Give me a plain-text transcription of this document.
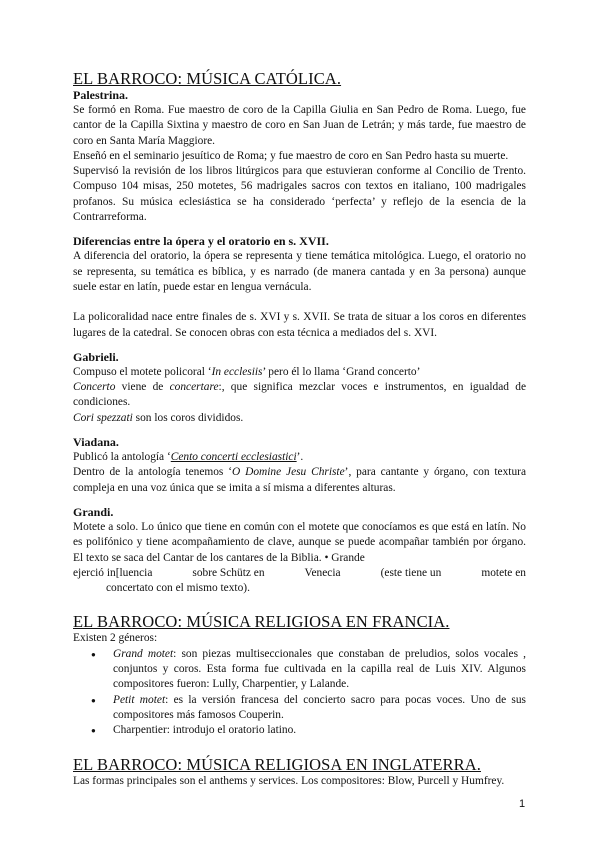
EL BARROCO: MÚSICA CATÓLICA.
Palestrina.

Se formó en Roma. Fue maestro de coro de la Capilla Giulia en San Pedro de Roma. Luego, fue cantor de la Capilla Sixtina y maestro de coro en San Juan de Letrán; y más tarde, fue maestro de coro en Santa María Maggiore.

Enseñó en el seminario jesuítico de Roma; y fue maestro de coro en San Pedro hasta su muerte.

Supervisó la revisión de los libros litúrgicos para que estuvieran conforme al Concilio de Trento. Compuso 104 misas, 250 motetes, 56 madrigales sacros con textos en italiano, 100 madrigales profanos. Su música eclesiástica se ha considerado ‘perfecta’ y reflejo de la esencia de la Contrarreforma.

Diferencias entre la ópera y el oratorio en s. XVII.

A diferencia del oratorio, la ópera se representa y tiene temática mitológica. Luego, el oratorio no se representa, su temática es bíblica, y es narrado (de manera cantada y en 3a persona) aunque suele estar en latín, puede estar en lengua vernácula.

La policoralidad nace entre finales de s. XVI y s. XVII. Se trata de situar a los coros en diferentes lugares de la catedral. Se conocen obras con esta técnica a mediados del s. XVI.

Gabrieli.

Compuso el motete policoral ‘In ecclesiis’ pero él lo llama ‘Grand concerto’

Concerto viene de concertare:, que significa mezclar voces e instrumentos, en igualdad de condiciones.

Cori spezzati son los coros divididos.

Viadana.

Publicó la antología ‘Cento concerti ecclesiastici’.

Dentro de la antología tenemos ‘O Domine Jesu Christe’, para cantante y órgano, con textura compleja en una voz única que se imita a sí misma a diferentes alturas.

Grandi.

Motete a solo. Lo único que tiene en común con el motete que conocíamos es que está en latín. No es polifónico y tiene acompañamiento de clave, aunque se puede acompañar también por órgano. El texto se saca del Cantar de los cantares de la Biblia. • Grande

ejerció in[luencia	sobre Schütz en	Venecia	(este tiene un	motete en

concertato con el mismo texto).

EL BARROCO: MÚSICA RELIGIOSA EN FRANCIA.

Existen 2 géneros:

● Grand motet: son piezas multiseccionales que constaban de preludios, solos vocales , conjuntos y coros. Esta forma fue cultivada en la capilla real de Luis XIV. Algunos compositores fueron: Lully, Charpentier, y Lalande.
● Petit motet: es la versión francesa del concierto sacro para pocas voces. Uno de sus compositores más famosos Couperin.
● Charpentier: introdujo el oratorio latino.
EL BARROCO: MÚSICA RELIGIOSA EN INGLATERRA.

Las formas principales son el anthems y services. Los compositores: Blow, Purcell y Humfrey.

1
